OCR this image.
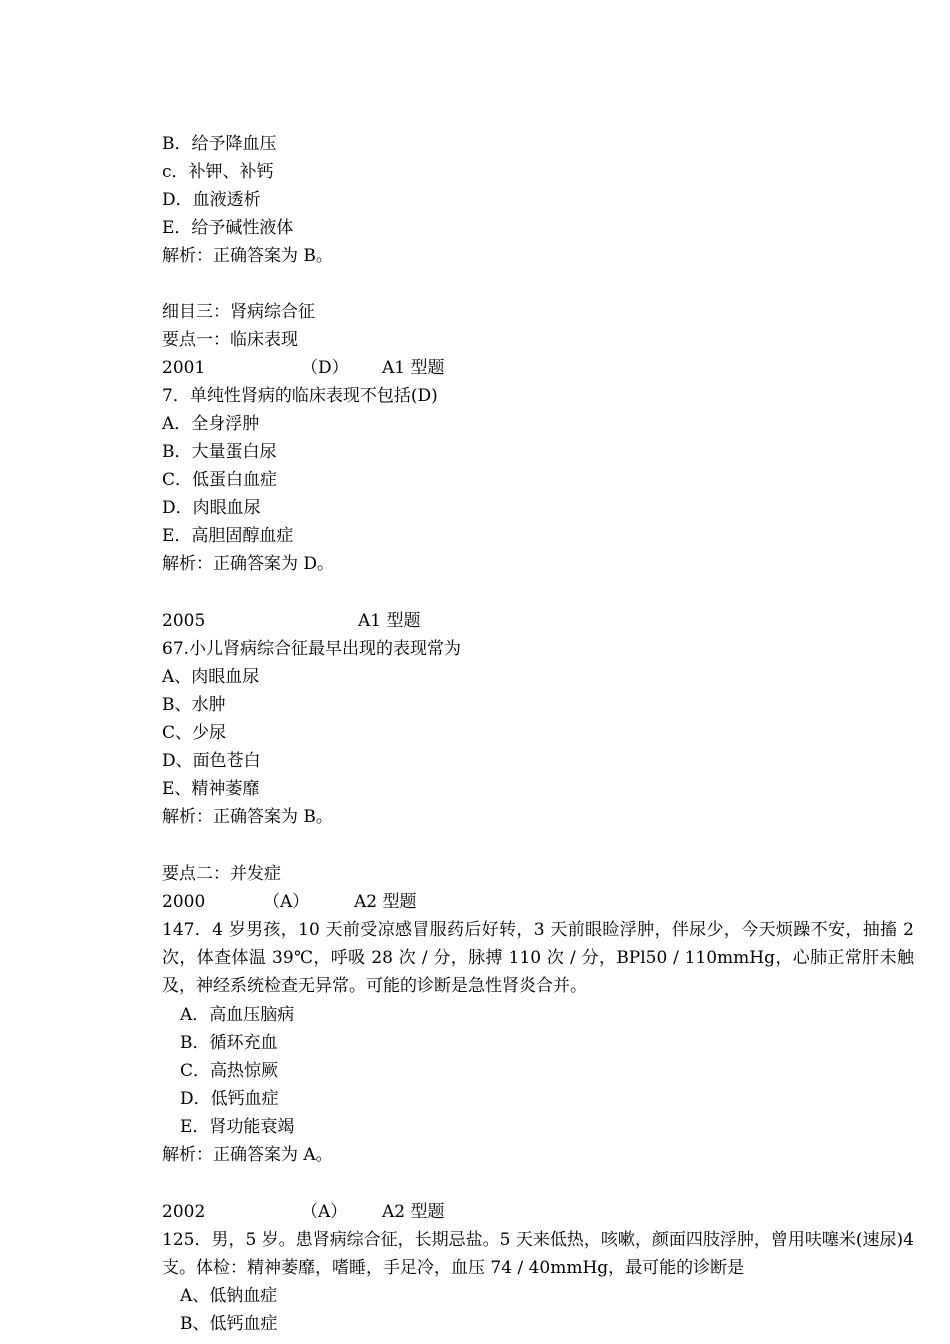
B．给予降血压
c．补钾、补钙
D．血液透析
E．给予碱性液体
解析：正确答案为 B。
细目三：肾病综合征
要点一：临床表现
2001	（D） A1 型题
7．单纯性肾病的临床表现不包括(D)
A．全身浮肿
B．大量蛋白尿
C．低蛋白血症
D．肉眼血尿
E．高胆固醇血症
解析：正确答案为 D。
2005	A1 型题
67.小儿肾病综合征最早出现的表现常为
A、肉眼血尿
B、水肿
C、少尿
D、面色苍白
E、精神萎靡
解析：正确答案为 B。
要点二：并发症
2000	（A）	A2 型题
147．4 岁男孩，10 天前受凉感冒服药后好转，3 天前眼睑浮肿，伴尿少，今天烦躁不安，抽搐 2 次，体查体温 39℃，呼吸 28 次 / 分，脉搏 110 次 / 分，BPl50 / 110mmHg，心肺正常肝未触及，神经系统检查无异常。可能的诊断是急性肾炎合并。
A．高血压脑病
B．循环充血
C．高热惊厥
D．低钙血症
E．肾功能衰竭
解析：正确答案为 A。
2002	（A） A2 型题
125．男，5 岁。患肾病综合征，长期忌盐。5 天来低热，咳嗽，颜面四肢浮肿，曾用呋噻米(速尿)4 支。体检：精神萎靡，嗜睡，手足冷，血压 74 / 40mmHg，最可能的诊断是
A、低钠血症
B、低钙血症
